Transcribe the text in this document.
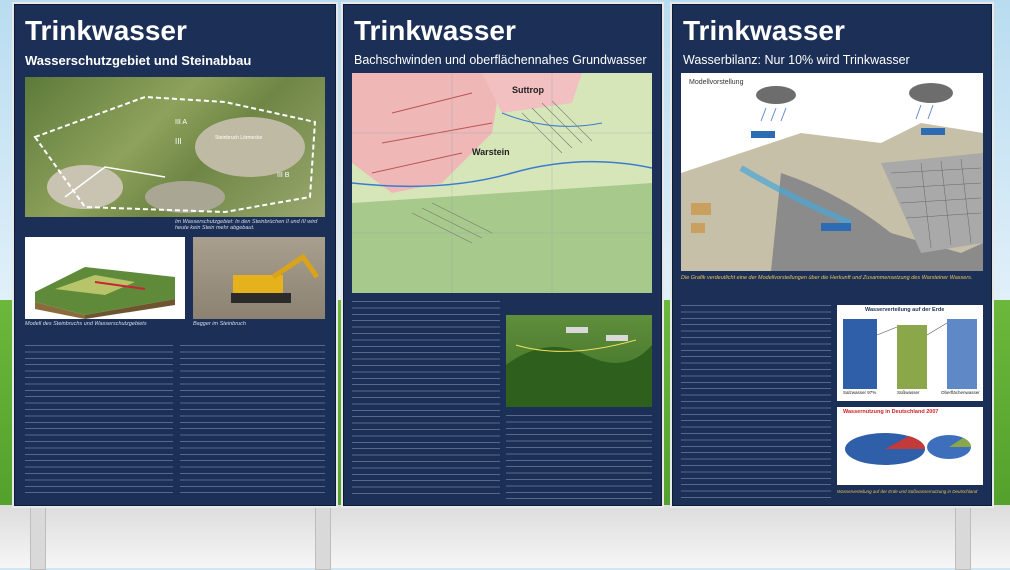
Trinkwasser
Wasserschutzgebiet und Steinabbau
Steinbruch Lörmecke
III
III A
III B
Im Wasserschutzgebiet: In den Steinbrüchen II und III wird heute kein Stein mehr abgebaut.
Modell des Steinbruchs und Wasserschutzgebiets	Bagger im Steinbruch
Trinkwasser
Bachschwinden und oberflächennahes Grundwasser
Suttrop
Warstein
Trinkwasser
Wasserbilanz: Nur 10% wird Trinkwasser
Modellvorstellung
Die Grafik verdeutlicht eine der Modellvorstellungen über die Herkunft und Zusammensetzung des Warsteiner Wassers.
Wasserverteilung auf der Erde
Salzwasser 97%	Süßwasser	Oberflächenwasser
Wassernutzung in Deutschland 2007
Wasserverteilung auf der Erde und Süßwassernutzung in Deutschland
